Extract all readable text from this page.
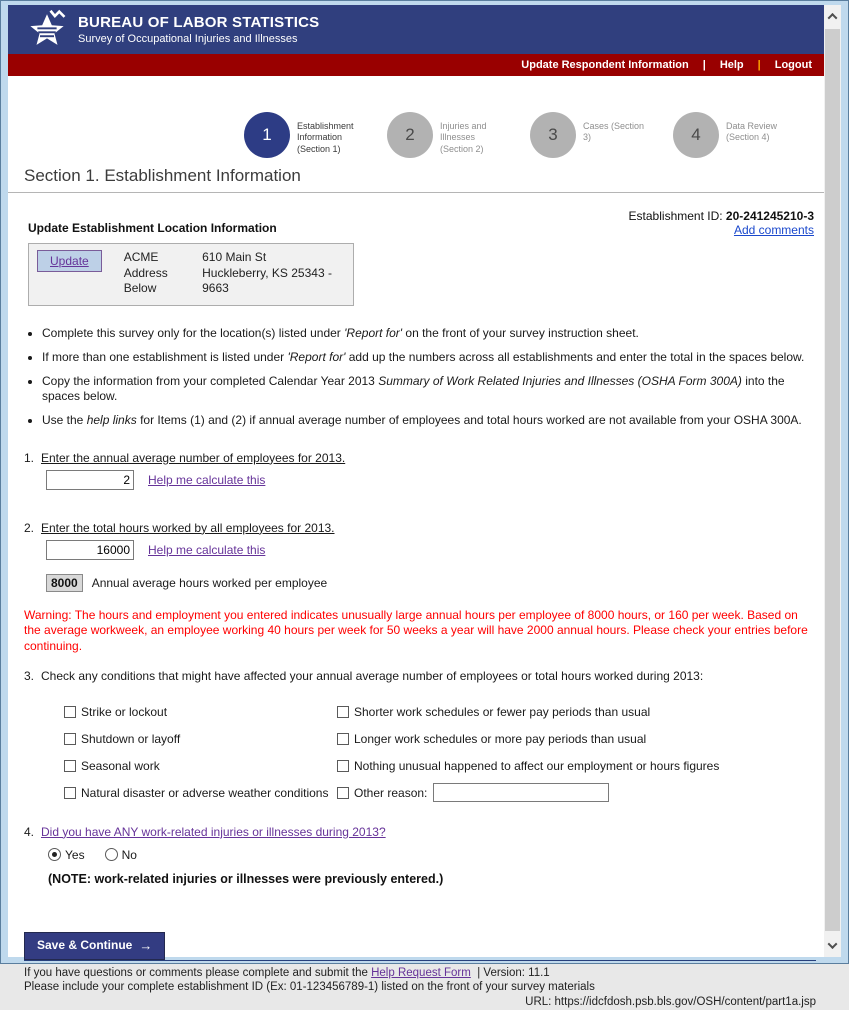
BUREAU OF LABOR STATISTICS
Survey of Occupational Injuries and Illnesses
Update Respondent Information | Help | Logout
1	Establishment Information (Section 1)
2	Injuries and Illnesses (Section 2)
3	Cases (Section 3)	4	Data Review (Section 4)
Section 1. Establishment Information
Update Establishment Location Information
Establishment ID: 20-241245210-3
Add comments
Update	ACME Address Below
610 Main St
Huckleberry, KS 25343 - 9663
• Complete this survey only for the location(s) listed under 'Report for' on the front of your survey instruction sheet.
• If more than one establishment is listed under 'Report for' add up the numbers across all establishments and enter the total in the spaces below.
• Copy the information from your completed Calendar Year 2013 Summary of Work Related Injuries and Illnesses (OSHA Form 300A) into the spaces below.
• Use the help links for Items (1) and (2) if annual average number of employees and total hours worked are not available from your OSHA 300A.
1. Enter the annual average number of employees for 2013.
2
Help me calculate this
2. Enter the total hours worked by all employees for 2013.
16000
Help me calculate this
8000	Annual average hours worked per employee
Warning: The hours and employment you entered indicates unusually large annual hours per employee of 8000 hours, or 160 per week. Based on the average workweek, an employee working 40 hours per week for 50 weeks a year will have 2000 annual hours. Please check your entries before continuing.
3. Check any conditions that might have affected your annual average number of employees or total hours worked during 2013:
Strike or lockout	Shorter work schedules or fewer pay periods than usual
Shutdown or layoff	Longer work schedules or more pay periods than usual
Seasonal work	Nothing unusual happened to affect our employment or hours figures
Natural disaster or adverse weather conditions Other reason:
4. Did you have ANY work-related injuries or illnesses during 2013?
Yes	No
(NOTE: work-related injuries or illnesses were previously entered.)
Save & Continue →
If you have questions or comments please complete and submit the Help Request Form | Version: 11.1
Please include your complete establishment ID (Ex: 01-123456789-1) listed on the front of your survey materials
URL: https://idcfdosh.psb.bls.gov/OSH/content/part1a.jsp
